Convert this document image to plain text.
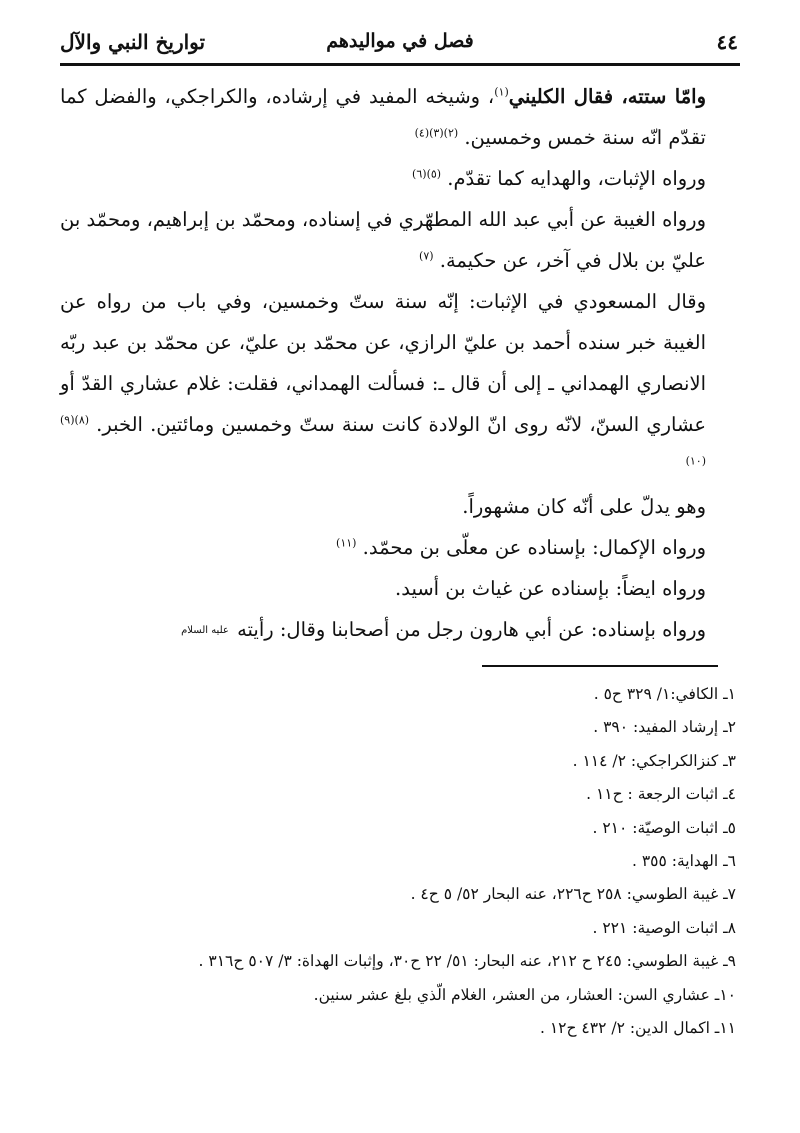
٤٤
فصل في مواليدهم
تواريخ النبي والآل

وامّا ستته، فقال الكليني$^{(١)}$، وشيخه المفيد في إرشاده، والكراجكي، والفضل كما تقدّم انّه سنة خمس وخمسين. $^{(٢)(٣)(٤)}$

ورواه الإثبات، والهدايه كما تقدّم. $^{(٥)(٦)}$

ورواه الغيبة عن أبي عبد الله المطهّري في إسناده، ومحمّد بن إبراهيم، ومحمّد بن عليّ بن بلال في آخر، عن حكيمة. $^{(٧)}$

وقال المسعودي في الإثبات: إنّه سنة ستّ وخمسين، وفي باب من رواه عن الغيبة خبر سنده أحمد بن عليّ الرازي، عن محمّد بن عليّ، عن محمّد بن عبد ربّه الانصاري الهمداني ـ إلى أن قال ـ: فسألت الهمداني، فقلت: غلام عشاري القدّ أو عشاري السنّ، لانّه روى انّ الولادة كانت سنة ستّ وخمسين ومائتين. الخبر. $^{(٨)(٩)(١٠)}$

وهو يدلّ على أنّه كان مشهوراً.

ورواه الإكمال: بإسناده عن معلّى بن محمّد. $^{(١١)}$

ورواه ايضاً: بإسناده عن غياث بن أسيد.

ورواه بإسناده: عن أبي هارون رجل من أصحابنا وقال: رأيته عليه السلام

١ـ الكافي:١/ ٣٢٩ ح٥ .

٢ـ إرشاد المفيد: ٣٩٠ .

٣ـ كنزالكراجكي: ٢/ ١١٤ .

٤ـ اثبات الرجعة : ح١١ .

٥ـ اثبات الوصيّة: ٢١٠ .

٦ـ الهداية: ٣٥٥ .

٧ـ غيبة الطوسي: ٢٥٨ ح٢٢٦، عنه البحار ٥٢/ ٥ ح٤ .

٨ـ اثبات الوصية: ٢٢١ .

٩ـ غيبة الطوسي: ٢٤٥ ح ٢١٢، عنه البحار: ٥١/ ٢٢ ح٣٠، وإثبات الهداة: ٣/ ٥٠٧ ح٣١٦ .

١٠ـ عشاري السن: العشار، من العشر، الغلام الّذي بلغ عشر سنين.

١١ـ اكمال الدين: ٢/ ٤٣٢ ح١٢ .
